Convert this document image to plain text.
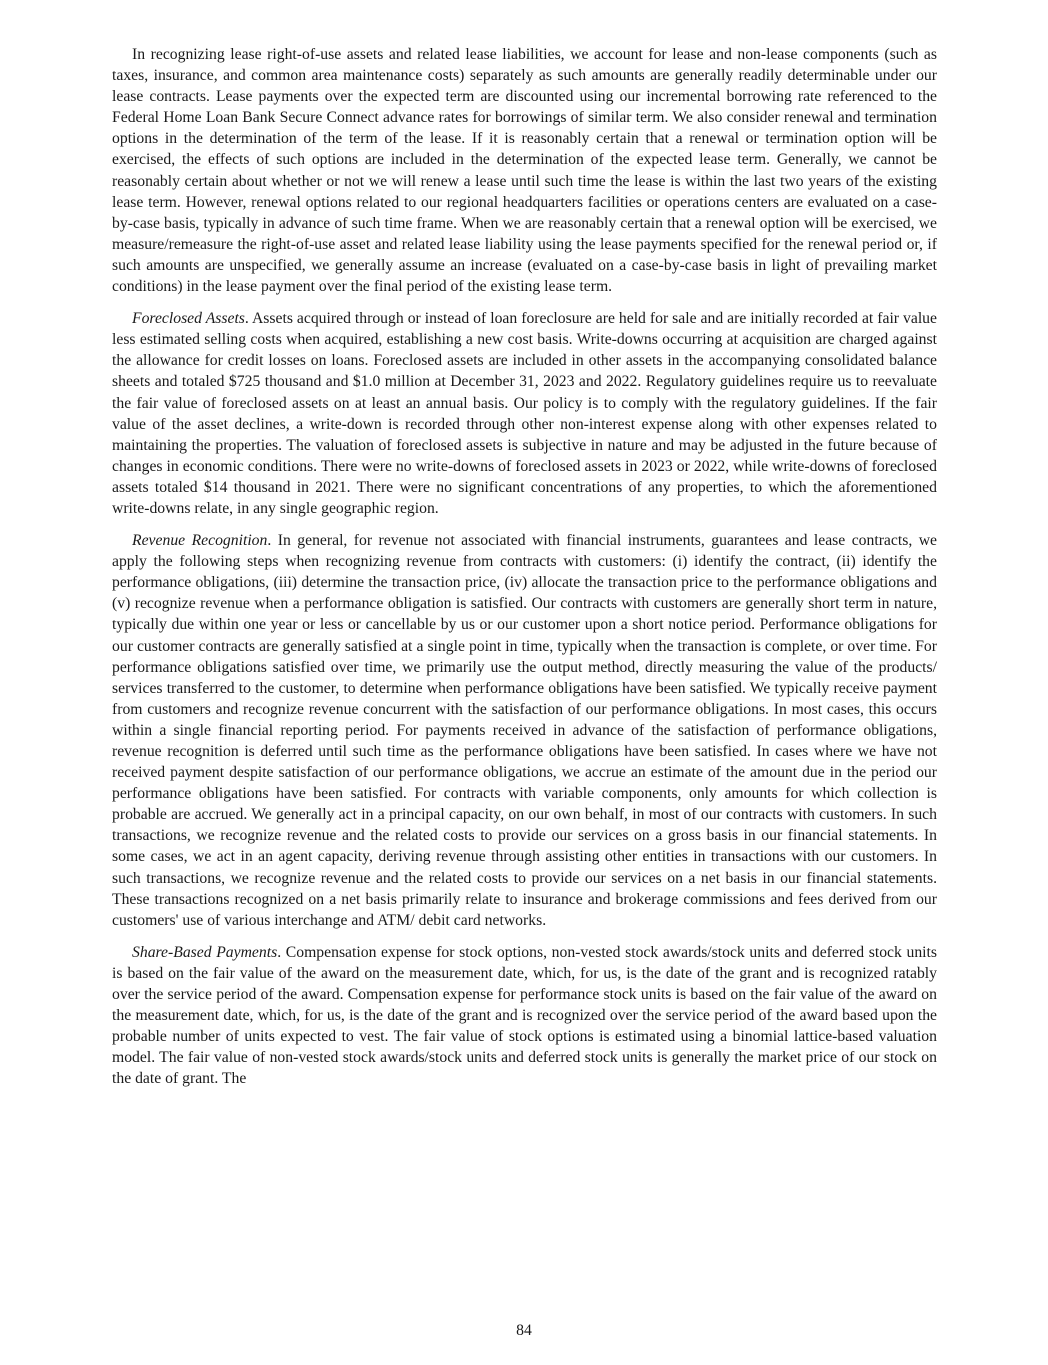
In recognizing lease right-of-use assets and related lease liabilities, we account for lease and non-lease components (such as taxes, insurance, and common area maintenance costs) separately as such amounts are generally readily determinable under our lease contracts. Lease payments over the expected term are discounted using our incremental borrowing rate referenced to the Federal Home Loan Bank Secure Connect advance rates for borrowings of similar term. We also consider renewal and termination options in the determination of the term of the lease. If it is reasonably certain that a renewal or termination option will be exercised, the effects of such options are included in the determination of the expected lease term. Generally, we cannot be reasonably certain about whether or not we will renew a lease until such time the lease is within the last two years of the existing lease term. However, renewal options related to our regional headquarters facilities or operations centers are evaluated on a case-by-case basis, typically in advance of such time frame. When we are reasonably certain that a renewal option will be exercised, we measure/remeasure the right-of-use asset and related lease liability using the lease payments specified for the renewal period or, if such amounts are unspecified, we generally assume an increase (evaluated on a case-by-case basis in light of prevailing market conditions) in the lease payment over the final period of the existing lease term.

Foreclosed Assets. Assets acquired through or instead of loan foreclosure are held for sale and are initially recorded at fair value less estimated selling costs when acquired, establishing a new cost basis. Write-downs occurring at acquisition are charged against the allowance for credit losses on loans. Foreclosed assets are included in other assets in the accompanying consolidated balance sheets and totaled $725 thousand and $1.0 million at December 31, 2023 and 2022. Regulatory guidelines require us to reevaluate the fair value of foreclosed assets on at least an annual basis. Our policy is to comply with the regulatory guidelines. If the fair value of the asset declines, a write-down is recorded through other non-interest expense along with other expenses related to maintaining the properties. The valuation of foreclosed assets is subjective in nature and may be adjusted in the future because of changes in economic conditions. There were no write-downs of foreclosed assets in 2023 or 2022, while write-downs of foreclosed assets totaled $14 thousand in 2021. There were no significant concentrations of any properties, to which the aforementioned write-downs relate, in any single geographic region.

Revenue Recognition. In general, for revenue not associated with financial instruments, guarantees and lease contracts, we apply the following steps when recognizing revenue from contracts with customers: (i) identify the contract, (ii) identify the performance obligations, (iii) determine the transaction price, (iv) allocate the transaction price to the performance obligations and (v) recognize revenue when a performance obligation is satisfied. Our contracts with customers are generally short term in nature, typically due within one year or less or cancellable by us or our customer upon a short notice period. Performance obligations for our customer contracts are generally satisfied at a single point in time, typically when the transaction is complete, or over time. For performance obligations satisfied over time, we primarily use the output method, directly measuring the value of the products/ services transferred to the customer, to determine when performance obligations have been satisfied. We typically receive payment from customers and recognize revenue concurrent with the satisfaction of our performance obligations. In most cases, this occurs within a single financial reporting period. For payments received in advance of the satisfaction of performance obligations, revenue recognition is deferred until such time as the performance obligations have been satisfied. In cases where we have not received payment despite satisfaction of our performance obligations, we accrue an estimate of the amount due in the period our performance obligations have been satisfied. For contracts with variable components, only amounts for which collection is probable are accrued. We generally act in a principal capacity, on our own behalf, in most of our contracts with customers. In such transactions, we recognize revenue and the related costs to provide our services on a gross basis in our financial statements. In some cases, we act in an agent capacity, deriving revenue through assisting other entities in transactions with our customers. In such transactions, we recognize revenue and the related costs to provide our services on a net basis in our financial statements. These transactions recognized on a net basis primarily relate to insurance and brokerage commissions and fees derived from our customers' use of various interchange and ATM/ debit card networks.

Share-Based Payments. Compensation expense for stock options, non-vested stock awards/stock units and deferred stock units is based on the fair value of the award on the measurement date, which, for us, is the date of the grant and is recognized ratably over the service period of the award. Compensation expense for performance stock units is based on the fair value of the award on the measurement date, which, for us, is the date of the grant and is recognized over the service period of the award based upon the probable number of units expected to vest. The fair value of stock options is estimated using a binomial lattice-based valuation model. The fair value of non-vested stock awards/stock units and deferred stock units is generally the market price of our stock on the date of grant. The

84
